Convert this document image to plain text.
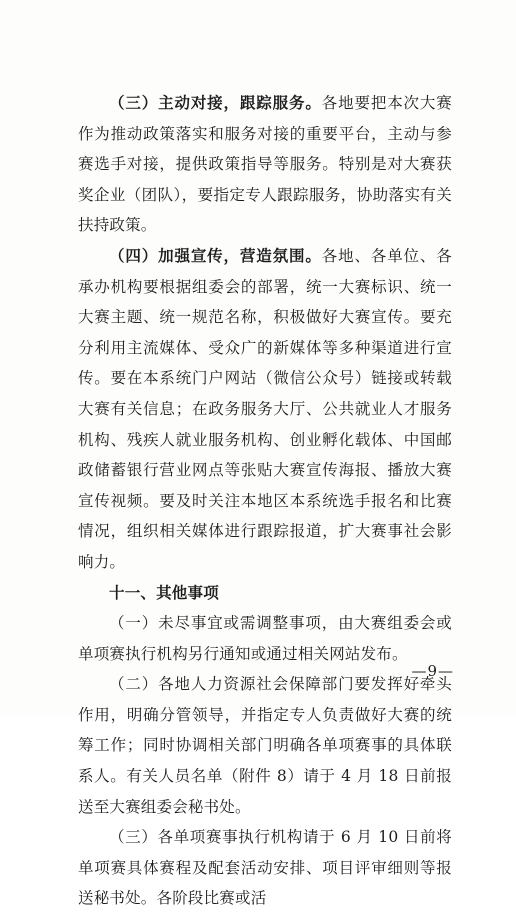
（三）主动对接，跟踪服务。各地要把本次大赛作为推动政策落实和服务对接的重要平台，主动与参赛选手对接，提供政策指导等服务。特别是对大赛获奖企业（团队），要指定专人跟踪服务，协助落实有关扶持政策。

（四）加强宣传，营造氛围。各地、各单位、各承办机构要根据组委会的部署，统一大赛标识、统一大赛主题、统一规范名称，积极做好大赛宣传。要充分利用主流媒体、受众广的新媒体等多种渠道进行宣传。要在本系统门户网站（微信公众号）链接或转载大赛有关信息；在政务服务大厅、公共就业人才服务机构、残疾人就业服务机构、创业孵化载体、中国邮政储蓄银行营业网点等张贴大赛宣传海报、播放大赛宣传视频。要及时关注本地区本系统选手报名和比赛情况，组织相关媒体进行跟踪报道，扩大赛事社会影响力。

十一、其他事项

（一）未尽事宜或需调整事项，由大赛组委会或单项赛执行机构另行通知或通过相关网站发布。

（二）各地人力资源社会保障部门要发挥好牵头作用，明确分管领导，并指定专人负责做好大赛的统筹工作；同时协调相关部门明确各单项赛事的具体联系人。有关人员名单（附件 8）请于 4 月 18 日前报送至大赛组委会秘书处。

（三）各单项赛事执行机构请于 6 月 10 日前将单项赛具体赛程及配套活动安排、项目评审细则等报送秘书处。各阶段比赛或活

—9—
